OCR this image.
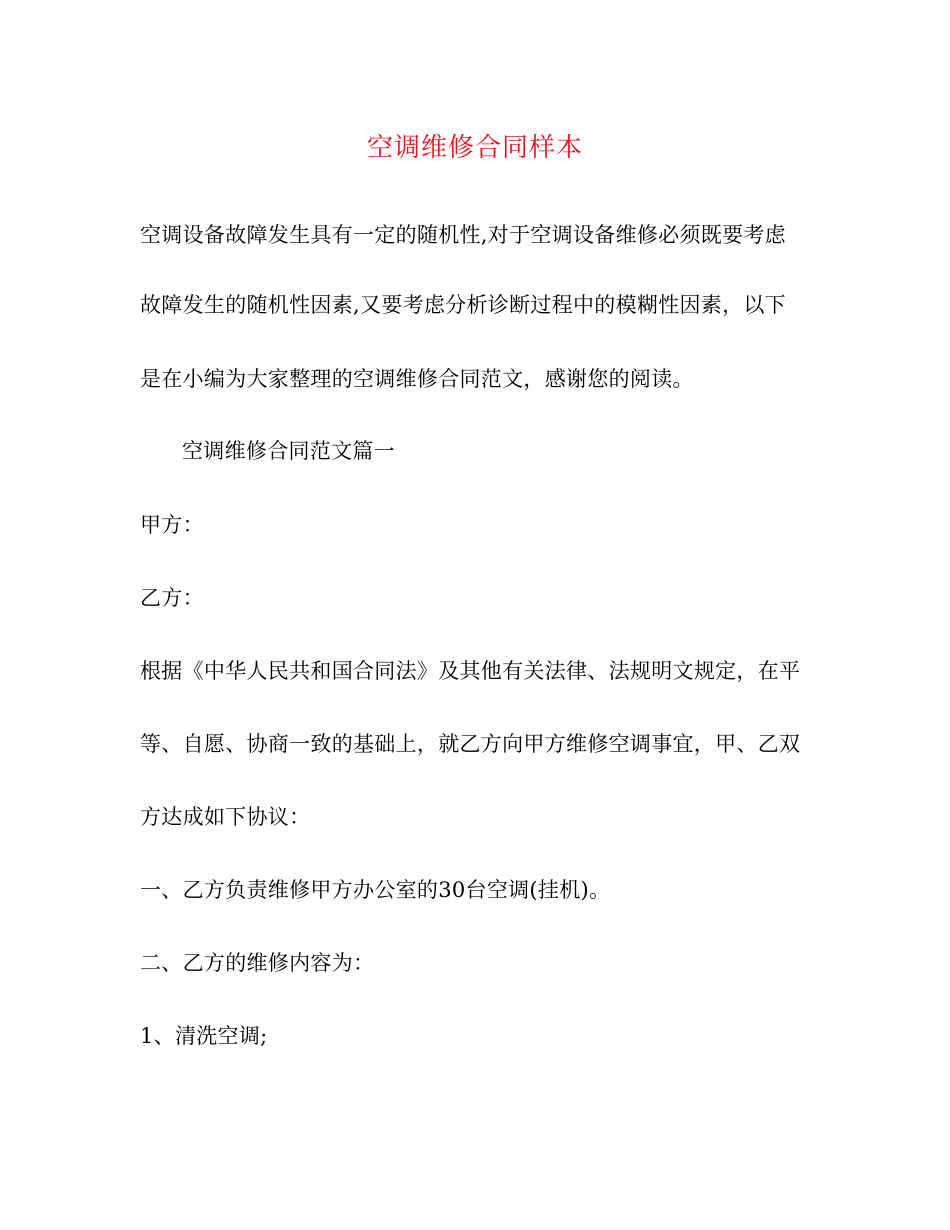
空调维修合同样本
空调设备故障发生具有一定的随机性,对于空调设备维修必须既要考虑
故障发生的随机性因素,又要考虑分析诊断过程中的模糊性因素，以下
是在小编为大家整理的空调维修合同范文，感谢您的阅读。
空调维修合同范文篇一
甲方：
乙方：
根据《中华人民共和国合同法》及其他有关法律、法规明文规定，在平
等、自愿、协商一致的基础上，就乙方向甲方维修空调事宜，甲、乙双
方达成如下协议：
一、乙方负责维修甲方办公室的30台空调(挂机)。
二、乙方的维修内容为：
1、清洗空调;
